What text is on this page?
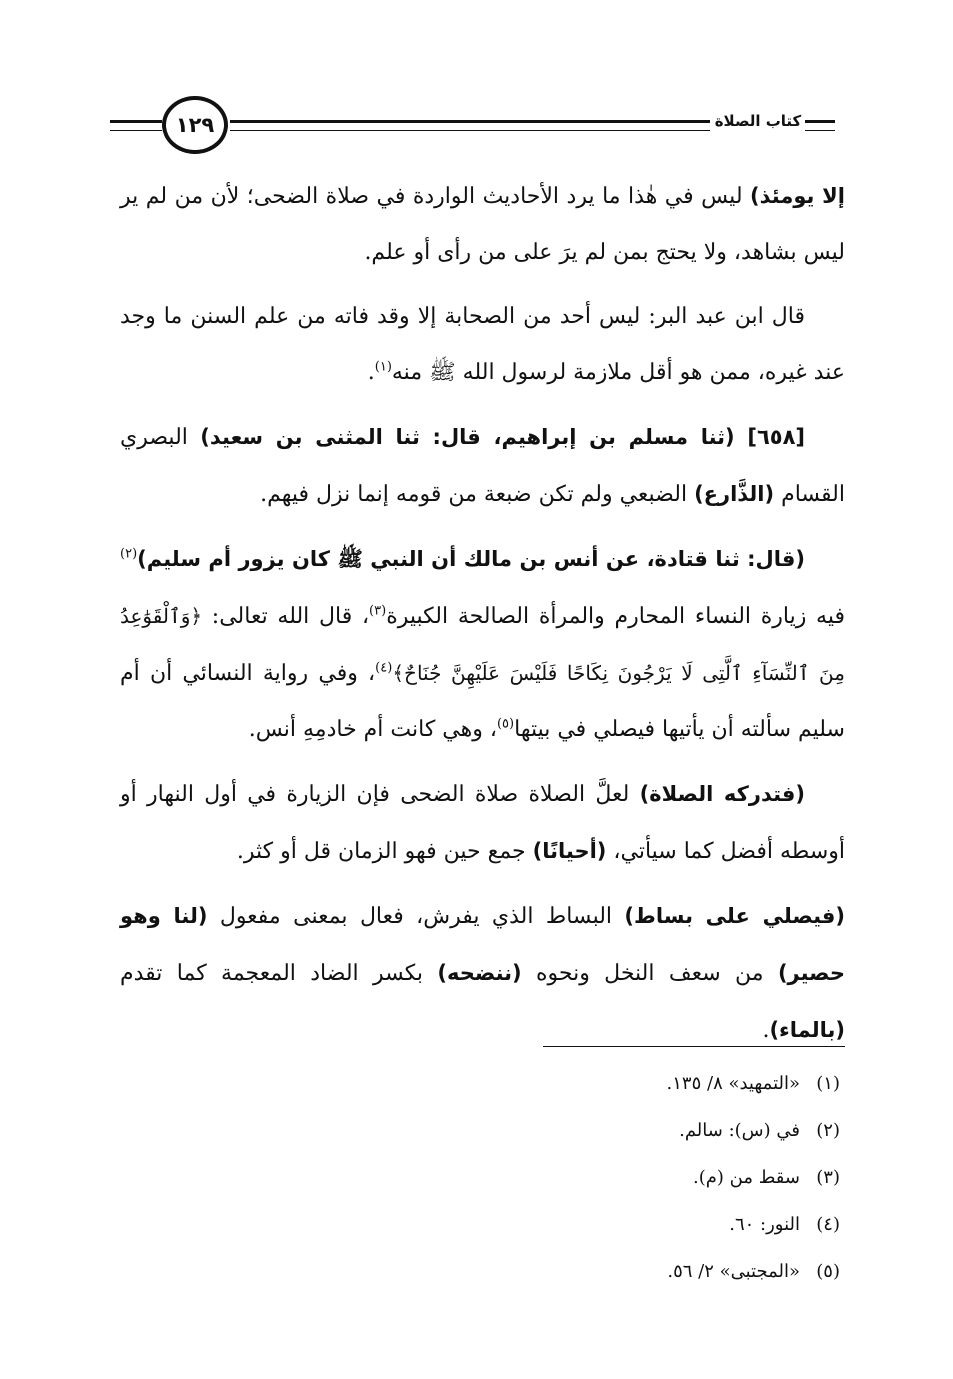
١٢٩	كتاب الصلاة

إلا يومئذ) ليس في هٰذا ما يرد الأحاديث الواردة في صلاة الضحى؛ لأن من لم ير ليس بشاهد، ولا يحتج بمن لم يرَ على من رأى أو علم.

قال ابن عبد البر: ليس أحد من الصحابة إلا وقد فاته من علم السنن ما وجد عند غيره، ممن هو أقل ملازمة لرسول الله ﷺ منه$^{(١)}$.

[٦٥٨] (ثنا مسلم بن إبراهيم، قال: ثنا المثنى بن سعيد) البصري القسام (الذَّارع) الضبعي ولم تكن ضبعة من قومه إنما نزل فيهم.

(قال: ثنا قتادة، عن أنس بن مالك أن النبي ﷺ كان يزور أم سليم)$^{(٢)}$ فيه زيارة النساء المحارم والمرأة الصالحة الكبيرة$^{(٣)}$، قال الله تعالى: ﴿وَٱلْقَوَٰعِدُ مِنَ ٱلنِّسَآءِ ٱلَّتِى لَا يَرْجُونَ نِكَاحًا فَلَيْسَ عَلَيْهِنَّ جُنَاحٌ﴾$^{(٤)}$، وفي رواية النسائي أن أم سليم سألته أن يأتيها فيصلي في بيتها$^{(٥)}$، وهي كانت أم خادمِهِ أنس.

(فتدركه الصلاة) لعلَّ الصلاة صلاة الضحى فإن الزيارة في أول النهار أو أوسطه أفضل كما سيأتي، (أحيانًا) جمع حين فهو الزمان قل أو كثر.

(فيصلي على بساط) البساط الذي يفرش، فعال بمعنى مفعول (لنا وهو حصير) من سعف النخل ونحوه (ننضحه) بكسر الضاد المعجمة كما تقدم (بالماء).

(١)«التمهيد» ٨/ ١٣٥.
(٢)في (س): سالم.
(٣)سقط من (م).
(٤)النور: ٦٠.
(٥)«المجتبى» ٢/ ٥٦.
